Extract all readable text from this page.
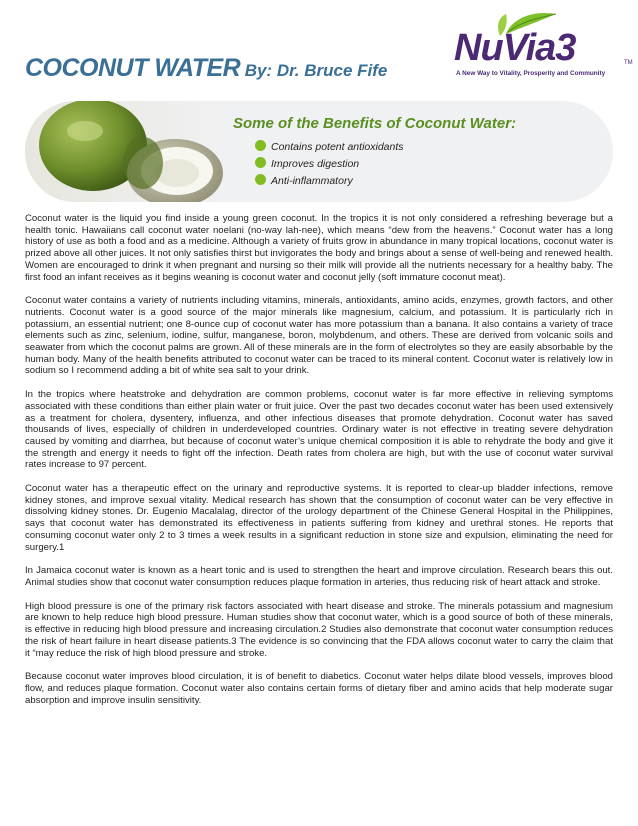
COCONUT WATER By: Dr. Bruce Fife
NuVia3	TM
A New Way to Vitality, Prosperity and Community
Some of the Benefits of Coconut Water:
Contains potent antioxidants
Improves digestion
Anti-inflammatory

Coconut water is the liquid you find inside a young green coconut. In the tropics it is not only considered a refreshing beverage but a health tonic. Hawaiians call coconut water noelani (no-way lah-nee), which means “dew from the heavens.” Coconut water has a long history of use as both a food and as a medicine. Although a variety of fruits grow in abundance in many tropical locations, coconut water is prized above all other juices. It not only satisfies thirst but invigorates the body and brings about a sense of well-being and renewed health. Women are encouraged to drink it when pregnant and nursing so their milk will provide all the nutrients necessary for a healthy baby. The first food an infant receives as it begins weaning is coconut water and coconut jelly (soft immature coconut meat).

Coconut water contains a variety of nutrients including vitamins, minerals, antioxidants, amino acids, enzymes, growth factors, and other nutrients. Coconut water is a good source of the major minerals like magnesium, calcium, and potassium. It is particularly rich in potassium, an essential nutrient; one 8-ounce cup of coconut water has more potassium than a banana. It also contains a variety of trace elements such as zinc, selenium, iodine, sulfur, manganese, boron, molybdenum, and others. These are derived from volcanic soils and seawater from which the coconut palms are grown. All of these minerals are in the form of electrolytes so they are easily absorbable by the human body. Many of the health benefits attributed to coconut water can be traced to its mineral content. Coconut water is relatively low in sodium so I recommend adding a bit of white sea salt to your drink.

In the tropics where heatstroke and dehydration are common problems, coconut water is far more effective in relieving symptoms associated with these conditions than either plain water or fruit juice. Over the past two decades coconut water has been used extensively as a treatment for cholera, dysentery, influenza, and other infectious diseases that promote dehydration. Coconut water has saved thousands of lives, especially of children in underdeveloped countries. Ordinary water is not effective in treating severe dehydration caused by vomiting and diarrhea, but because of coconut water’s unique chemical composition it is able to rehydrate the body and give it the strength and energy it needs to fight off the infection. Death rates from cholera are high, but with the use of coconut water survival rates increase to 97 percent.

Coconut water has a therapeutic effect on the urinary and reproductive systems. It is reported to clear-up bladder infections, remove kidney stones, and improve sexual vitality. Medical research has shown that the consumption of coconut water can be very effective in dissolving kidney stones. Dr. Eugenio Macalalag, director of the urology department of the Chinese General Hospital in the Philippines, says that coconut water has demonstrated its effectiveness in patients suffering from kidney and urethral stones. He reports that consuming coconut water only 2 to 3 times a week results in a significant reduction in stone size and expulsion, eliminating the need for surgery.1

In Jamaica coconut water is known as a heart tonic and is used to strengthen the heart and improve circulation. Research bears this out. Animal studies show that coconut water consumption reduces plaque formation in arteries, thus reducing risk of heart attack and stroke.

High blood pressure is one of the primary risk factors associated with heart disease and stroke. The minerals potassium and magnesium are known to help reduce high blood pressure. Human studies show that coconut water, which is a good source of both of these minerals, is effective in reducing high blood pressure and increasing circulation.2 Studies also demonstrate that coconut water consumption reduces the risk of heart failure in heart disease patients.3 The evidence is so convincing that the FDA allows coconut water to carry the claim that it “may reduce the risk of high blood pressure and stroke.

Because coconut water improves blood circulation, it is of benefit to diabetics. Coconut water helps dilate blood vessels, improves blood flow, and reduces plaque formation. Coconut water also contains certain forms of dietary fiber and amino acids that help moderate sugar absorption and improve insulin sensitivity.
